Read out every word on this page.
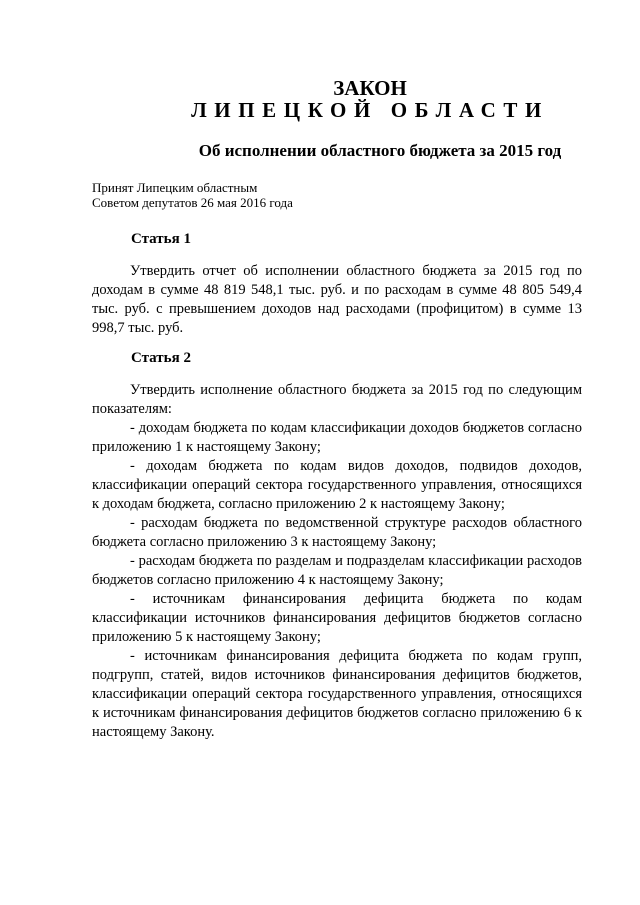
ЗАКОН
ЛИПЕЦКОЙ ОБЛАСТИ
Об исполнении областного бюджета за 2015 год
Принят Липецким областным
Советом депутатов 26 мая 2016 года
Статья 1

Утвердить отчет об исполнении областного бюджета за 2015 год по доходам в сумме 48 819 548,1 тыс. руб. и по расходам в сумме 48 805 549,4 тыс. руб. с превышением доходов над расходами (профицитом) в сумме 13 998,7 тыс. руб.

Статья 2

Утвердить исполнение областного бюджета за 2015 год по следующим показателям:

- доходам бюджета по кодам классификации доходов бюджетов согласно приложению 1 к настоящему Закону;

- доходам бюджета по кодам видов доходов, подвидов доходов, классификации операций сектора государственного управления, относящихся к доходам бюджета, согласно приложению 2 к настоящему Закону;

- расходам бюджета по ведомственной структуре расходов областного бюджета согласно приложению 3 к настоящему Закону;

- расходам бюджета по разделам и подразделам классификации расходов бюджетов согласно приложению 4 к настоящему Закону;

- источникам финансирования дефицита бюджета по кодам классификации источников финансирования дефицитов бюджетов согласно приложению 5 к настоящему Закону;

- источникам финансирования дефицита бюджета по кодам групп, подгрупп, статей, видов источников финансирования дефицитов бюджетов, классификации операций сектора государственного управления, относящихся к источникам финансирования дефицитов бюджетов согласно приложению 6 к настоящему Закону.
